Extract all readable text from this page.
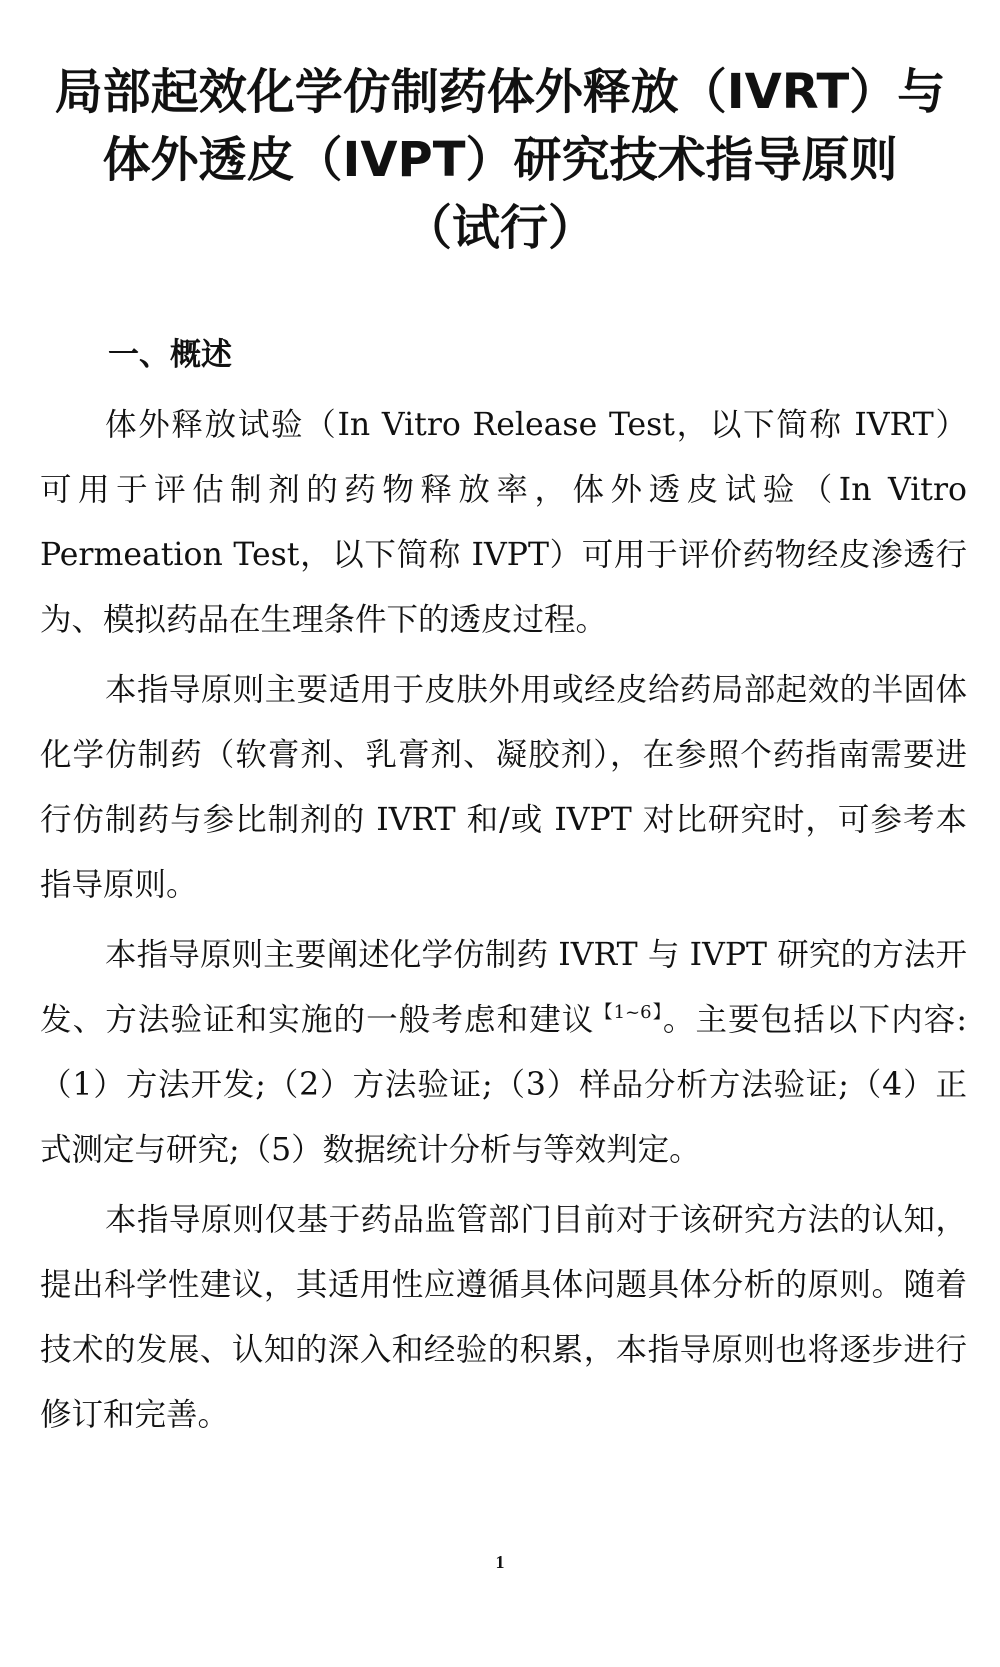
局部起效化学仿制药体外释放（IVRT）与
体外透皮（IVPT）研究技术指导原则
（试行）
一、概述

体外释放试验（In Vitro Release Test，以下简称 IVRT）可用于评估制剂的药物释放率，体外透皮试验（In Vitro Permeation Test，以下简称 IVPT）可用于评价药物经皮渗透行为、模拟药品在生理条件下的透皮过程。

本指导原则主要适用于皮肤外用或经皮给药局部起效的半固体化学仿制药（软膏剂、乳膏剂、凝胶剂），在参照个药指南需要进行仿制药与参比制剂的 IVRT 和/或 IVPT 对比研究时，可参考本指导原则。

本指导原则主要阐述化学仿制药 IVRT 与 IVPT 研究的方法开发、方法验证和实施的一般考虑和建议$^{【1\sim 6】}$。主要包括以下内容:（1）方法开发;（2）方法验证;（3）样品分析方法验证;（4）正式测定与研究;（5）数据统计分析与等效判定。

本指导原则仅基于药品监管部门目前对于该研究方法的认知，提出科学性建议，其适用性应遵循具体问题具体分析的原则。随着技术的发展、认知的深入和经验的积累，本指导原则也将逐步进行修订和完善。

1
